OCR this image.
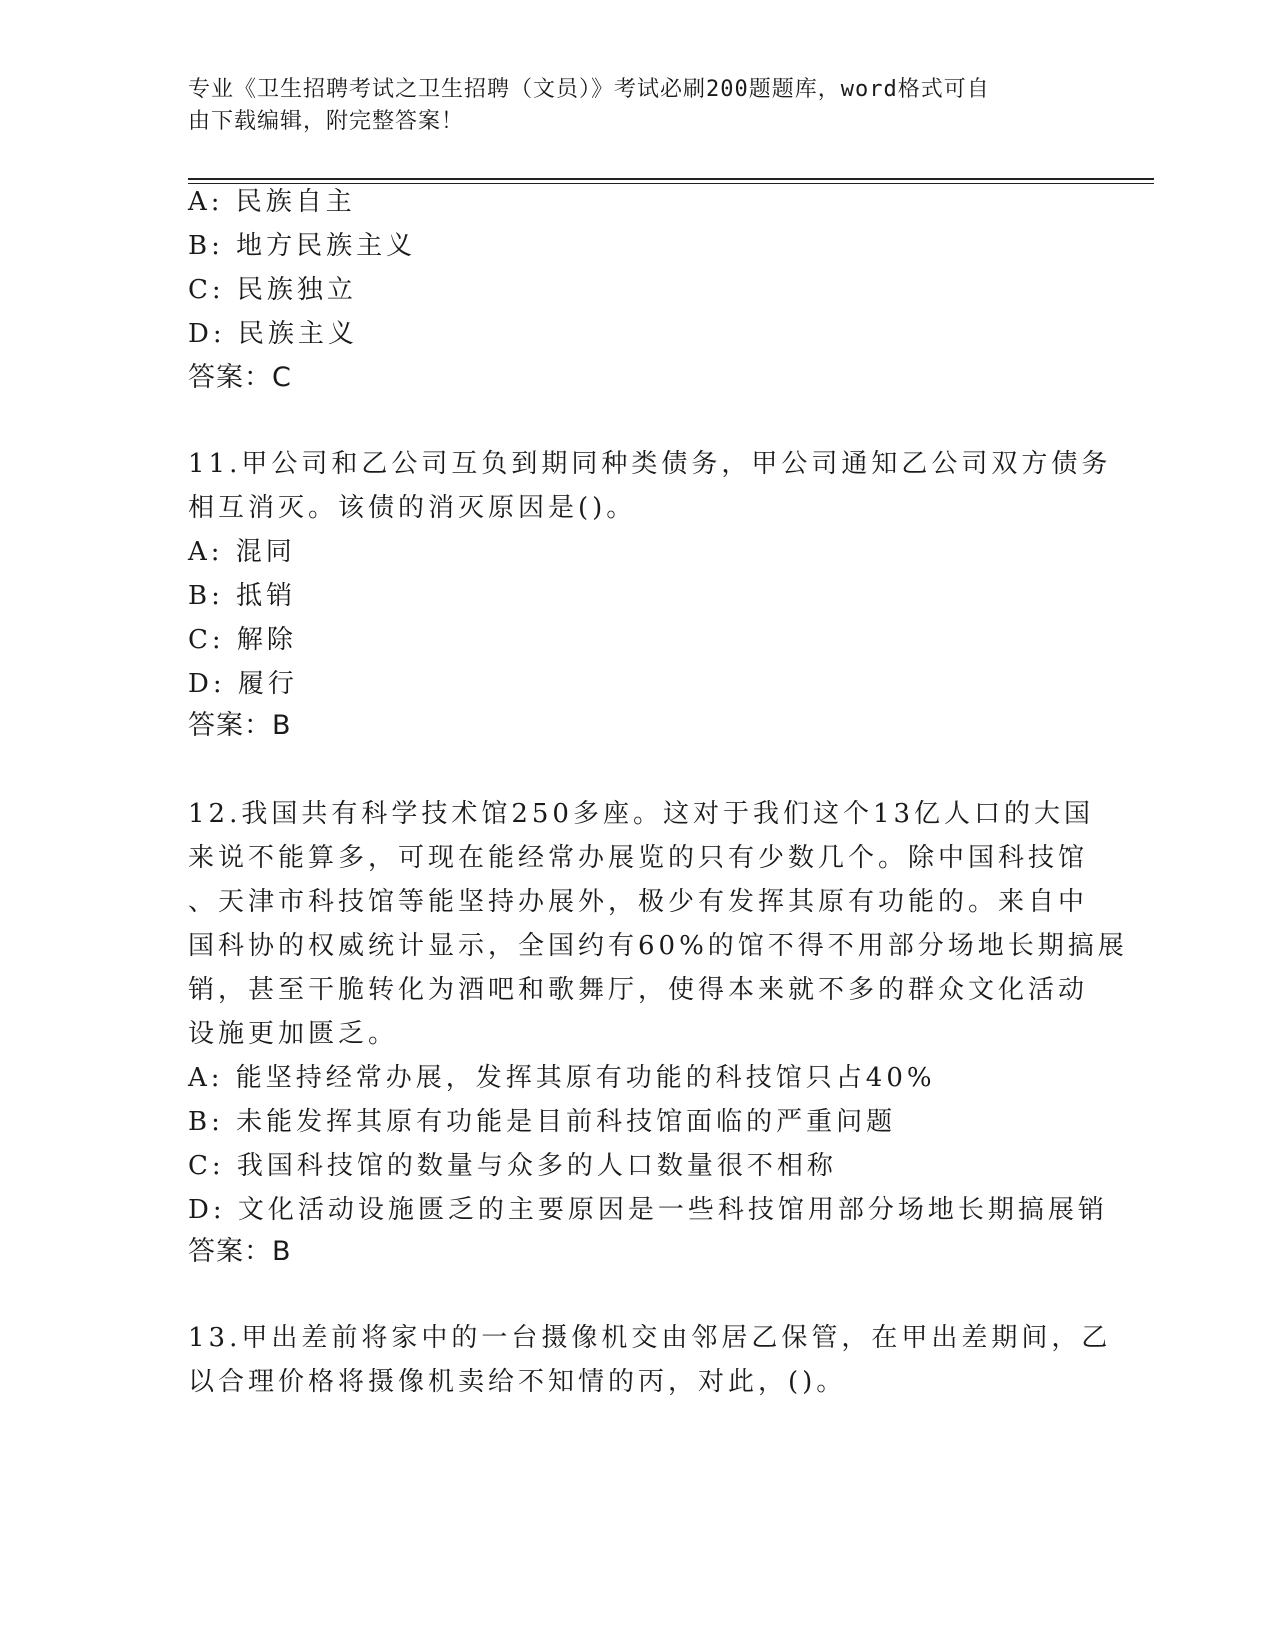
专业《卫生招聘考试之卫生招聘（文员）》考试必刷200题题库，word格式可自
由下载编辑，附完整答案！
A: 民族自主
B: 地方民族主义
C: 民族独立
D: 民族主义
答案：C
11.甲公司和乙公司互负到期同种类债务，甲公司通知乙公司双方债务
相互消灭。该债的消灭原因是()。
A: 混同
B: 抵销
C: 解除
D: 履行
答案：B
12.我国共有科学技术馆250多座。这对于我们这个13亿人口的大国
来说不能算多，可现在能经常办展览的只有少数几个。除中国科技馆
、天津市科技馆等能坚持办展外，极少有发挥其原有功能的。来自中
国科协的权威统计显示，全国约有60%的馆不得不用部分场地长期搞展
销，甚至干脆转化为酒吧和歌舞厅，使得本来就不多的群众文化活动
设施更加匮乏。
A: 能坚持经常办展，发挥其原有功能的科技馆只占40%
B: 未能发挥其原有功能是目前科技馆面临的严重问题
C: 我国科技馆的数量与众多的人口数量很不相称
D: 文化活动设施匮乏的主要原因是一些科技馆用部分场地长期搞展销
答案：B
13.甲出差前将家中的一台摄像机交由邻居乙保管，在甲出差期间，乙
以合理价格将摄像机卖给不知情的丙，对此，()。
